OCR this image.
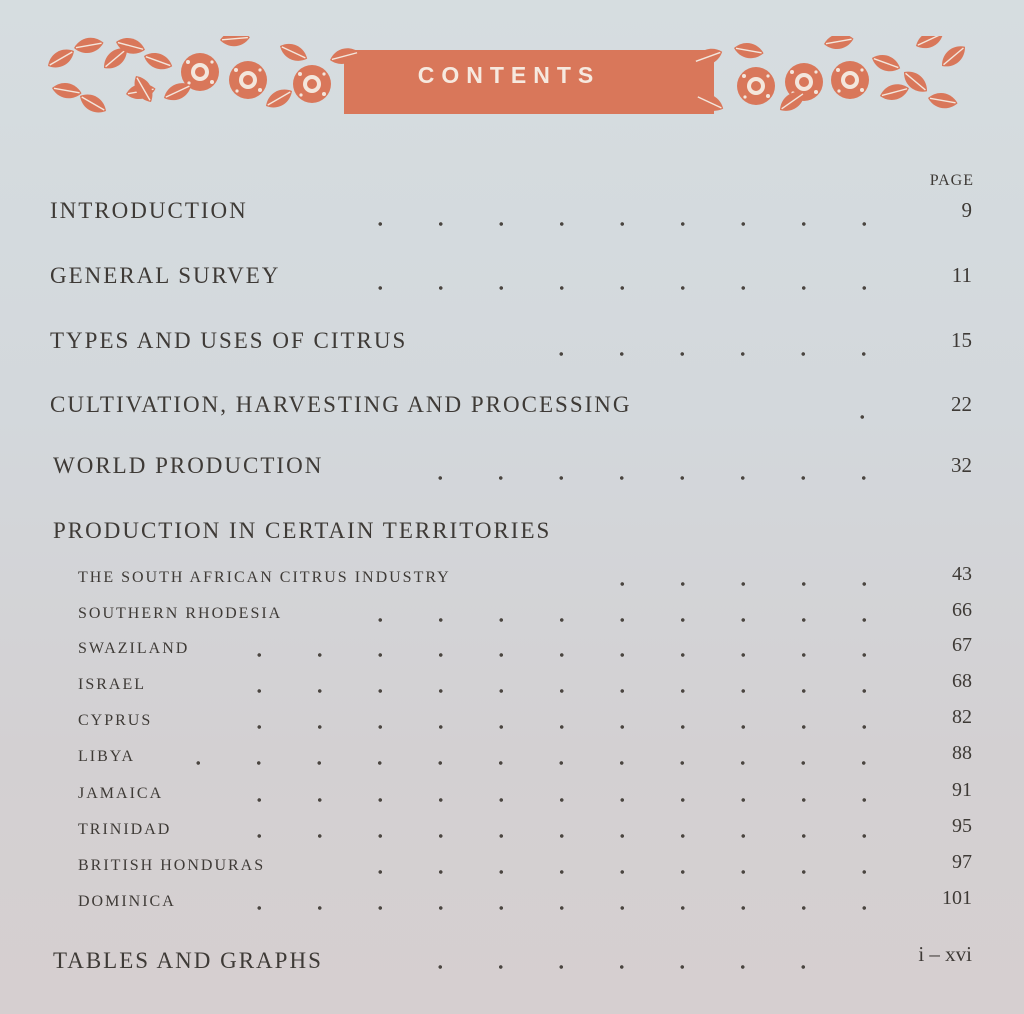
CONTENTS
PAGE
INTRODUCTION	9
GENERAL SURVEY	11
TYPES AND USES OF CITRUS	15
CULTIVATION, HARVESTING AND PROCESSING	22
WORLD PRODUCTION	32
PRODUCTION IN CERTAIN TERRITORIES
THE SOUTH AFRICAN CITRUS INDUSTRY	43
SOUTHERN RHODESIA	66
SWAZILAND	67
ISRAEL	68
CYPRUS	82
LIBYA	88
JAMAICA	91
TRINIDAD	95
BRITISH HONDURAS	97
DOMINICA	101
TABLES AND GRAPHS	i – xvi
